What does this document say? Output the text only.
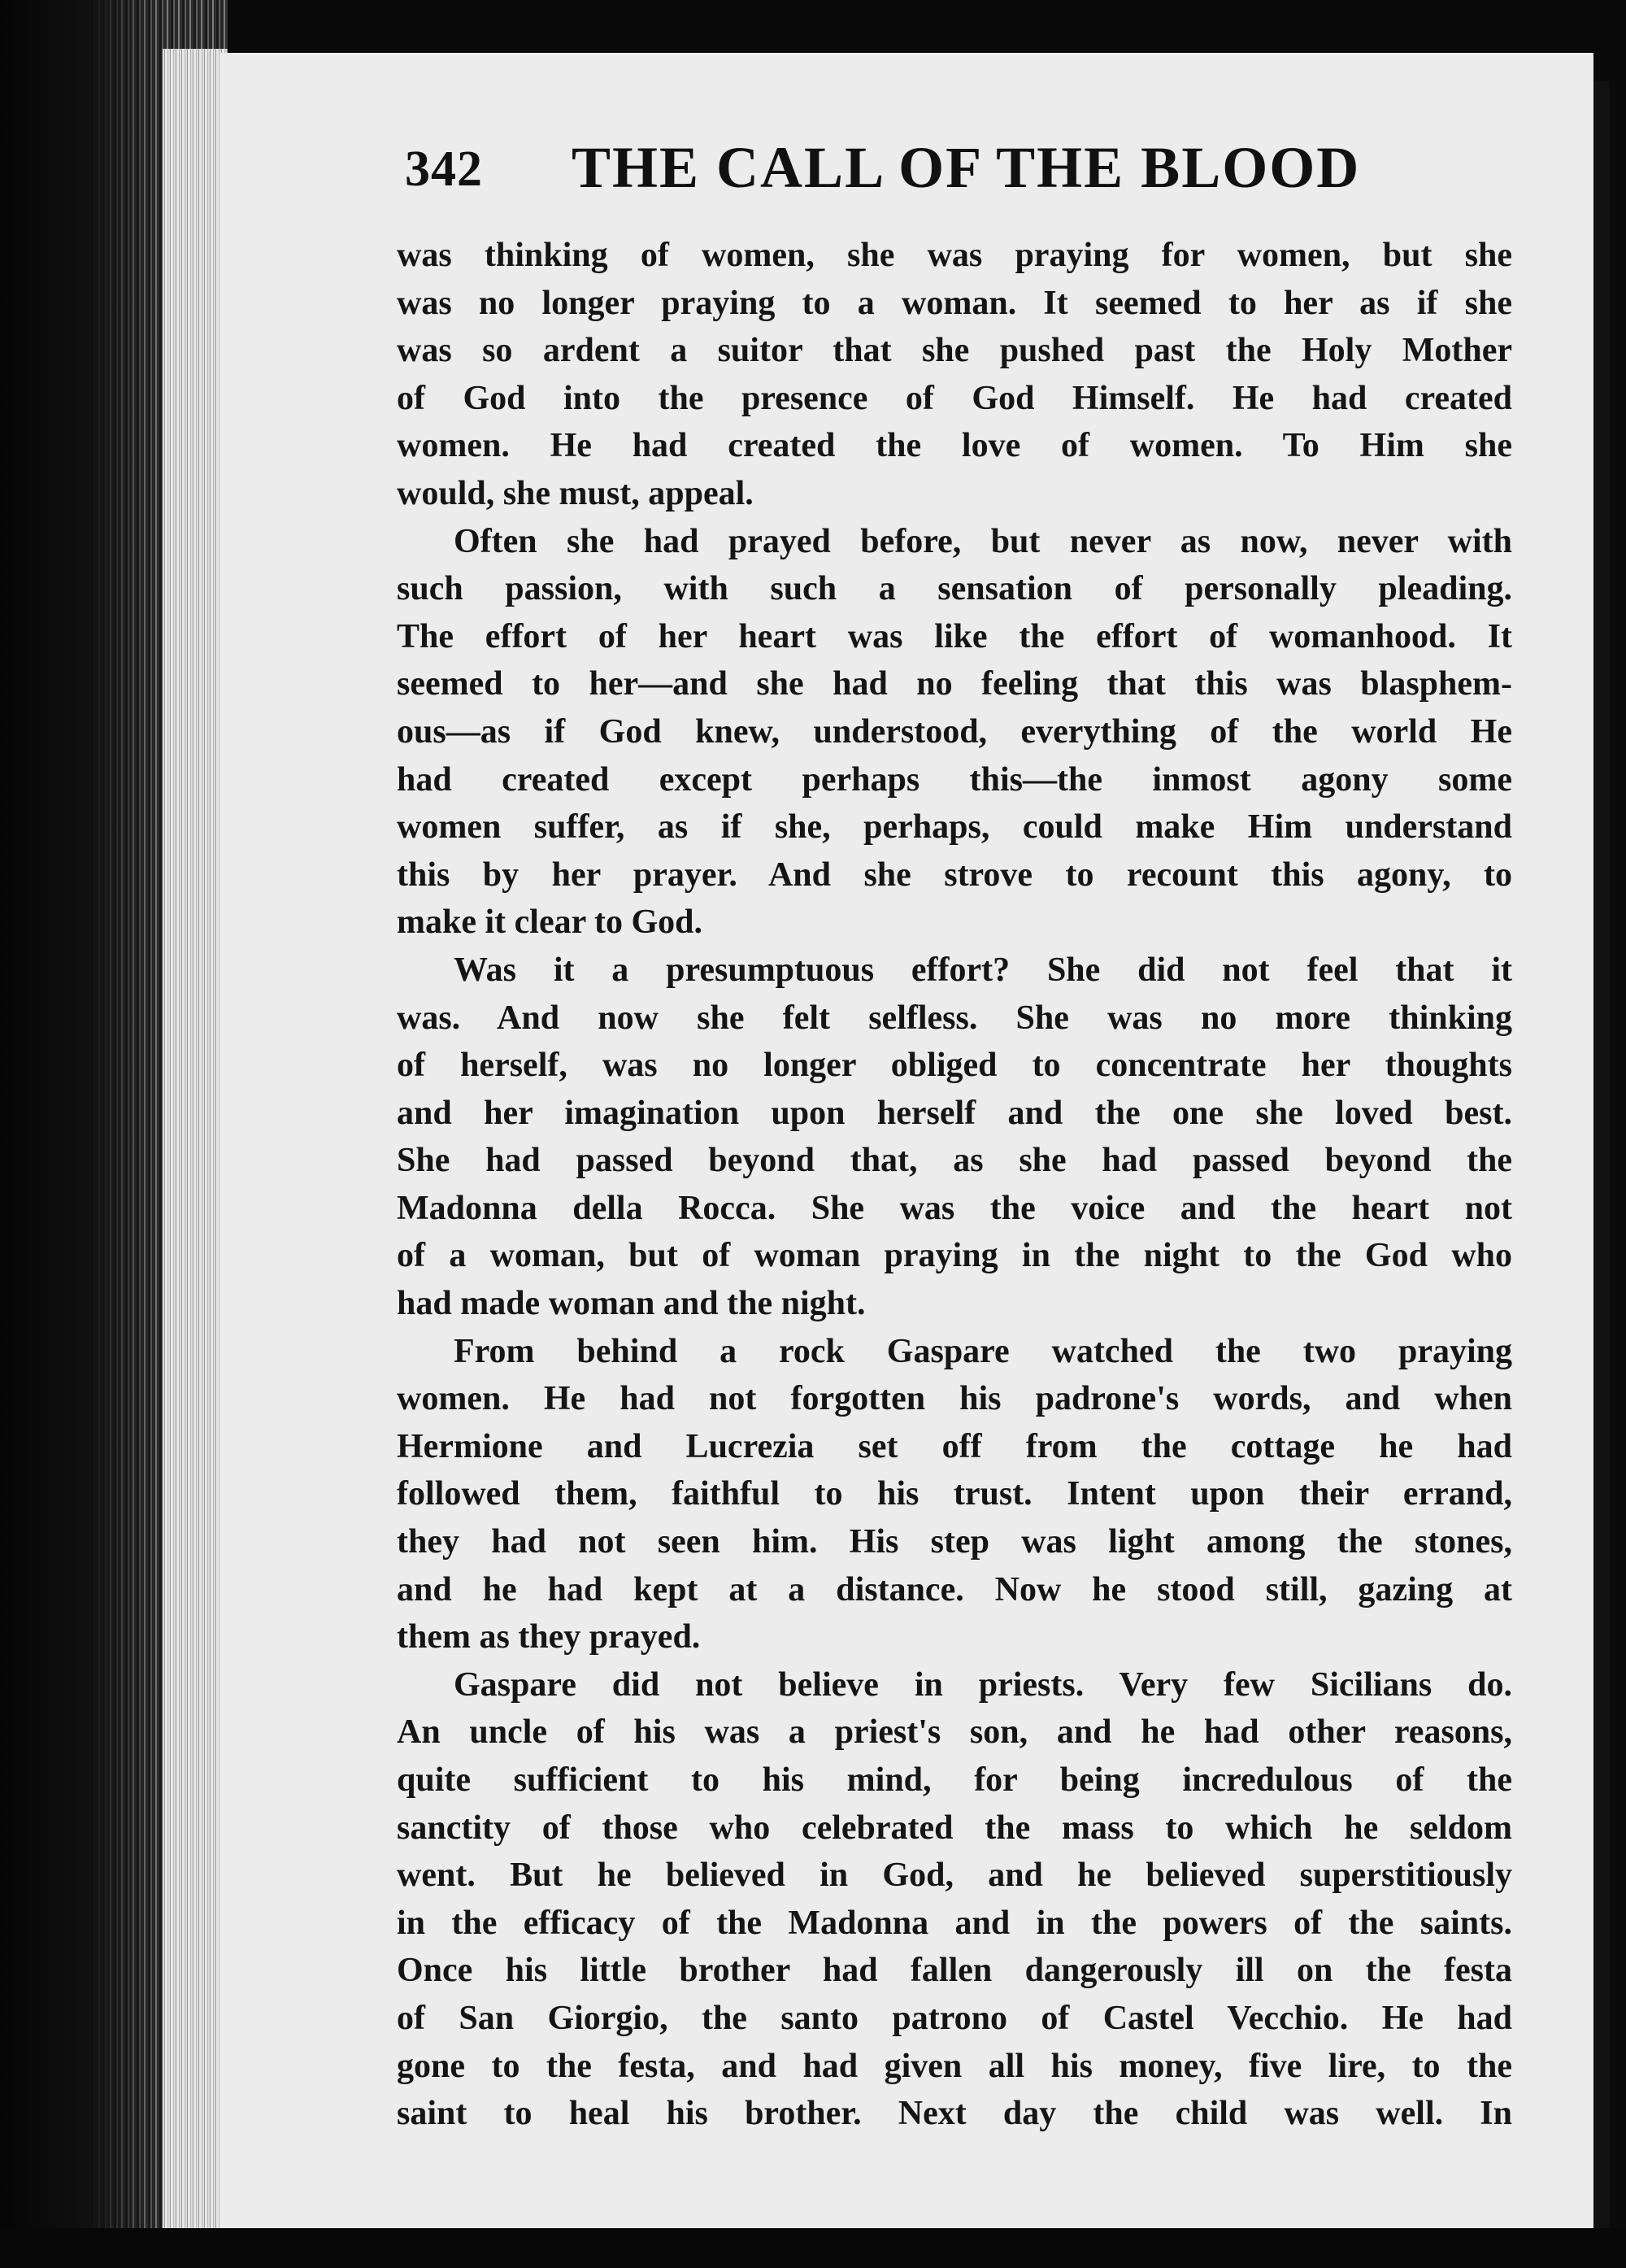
342 THE CALL OF THE BLOOD
was thinking of women, she was praying for women, but she
was no longer praying to a woman. It seemed to her as if she
was so ardent a suitor that she pushed past the Holy Mother
of God into the presence of God Himself. He had created
women. He had created the love of women. To Him she
would, she must, appeal.
Often she had prayed before, but never as now, never with
such passion, with such a sensation of personally pleading.
The effort of her heart was like the effort of womanhood. It
seemed to her—and she had no feeling that this was blasphem-
ous—as if God knew, understood, everything of the world He
had created except perhaps this—the inmost agony some
women suffer, as if she, perhaps, could make Him understand
this by her prayer. And she strove to recount this agony, to
make it clear to God.
Was it a presumptuous effort? She did not feel that it
was. And now she felt selfless. She was no more thinking
of herself, was no longer obliged to concentrate her thoughts
and her imagination upon herself and the one she loved best.
She had passed beyond that, as she had passed beyond the
Madonna della Rocca. She was the voice and the heart not
of a woman, but of woman praying in the night to the God who
had made woman and the night.
From behind a rock Gaspare watched the two praying
women. He had not forgotten his padrone's words, and when
Hermione and Lucrezia set off from the cottage he had
followed them, faithful to his trust. Intent upon their errand,
they had not seen him. His step was light among the stones,
and he had kept at a distance. Now he stood still, gazing at
them as they prayed.
Gaspare did not believe in priests. Very few Sicilians do.
An uncle of his was a priest's son, and he had other reasons,
quite sufficient to his mind, for being incredulous of the
sanctity of those who celebrated the mass to which he seldom
went. But he believed in God, and he believed superstitiously
in the efficacy of the Madonna and in the powers of the saints.
Once his little brother had fallen dangerously ill on the festa
of San Giorgio, the santo patrono of Castel Vecchio. He had
gone to the festa, and had given all his money, five lire, to the
saint to heal his brother. Next day the child was well. In
